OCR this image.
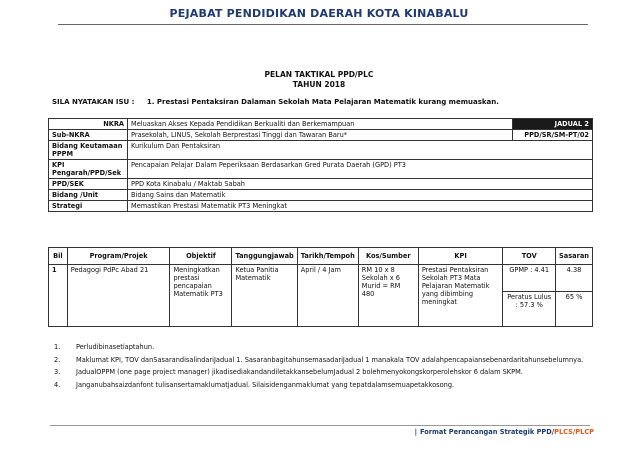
PEJABAT PENDIDIKAN DAERAH KOTA KINABALU
PELAN TAKTIKAL PPD/PLC
TAHUN 2018
SILA NYATAKAN ISU : 1. Prestasi Pentaksiran Dalaman Sekolah Mata Pelajaran Matematik kurang memuaskan.
NKRA	Meluaskan Akses Kepada Pendidikan Berkualiti dan Berkemampuan	JADUAL 2
Sub-NKRA	Prasekolah, LINUS, Sekolah Berprestasi Tinggi dan Tawaran Baru*	PPD/SR/SM-PT/02
Bidang Keutamaan PPPM	Kurikulum Dan Pentaksiran	
KPI Pengarah/PPD/Sek	Pencapaian Pelajar Dalam Peperiksaan Berdasarkan Gred Purata Daerah (GPD) PT3	
PPD/SEK	PPD Kota Kinabalu / Maktab Sabah	
Bidang /Unit	Bidang Sains dan Matematik	
Strategi	Memastikan Prestasi Matematik PT3 Meningkat	
Bil	Program/Projek	Objektif	Tanggungjawab	Tarikh/Tempoh	Kos/Sumber	KPI	TOV	Sasaran
1	Pedagogi PdPc Abad 21	Meningkatkan prestasi pencapaian Matematik PT3	Ketua Panitia Matematik	April / 4 Jam	RM 10 x 8 Sekolah x 6 Murid = RM 480	Prestasi Pentaksiran Sekolah PT3 Mata Pelajaran Matematik yang dibimbing meningkat	GPMP : 4.41	4.38
							Peratus Lulus : 57.3 %	65 %
1.	Perludibinasetiaptahun.
2.	Maklumat KPI, TOV danSasarandisalindariJadual 1. SasaranbagitahunsemasadariJadual 1 manakala TOV adalahpencapaiansebenardaritahunsebelumnya.
3.	JadualOPPM (one page project manager) jikadisediakandandiletakkansebelumJadual 2 bolehmenyokongskorperolehskor 6 dalam SKPM.
4.	Janganubahsaizdanfont tulisansertamaklumatjadual. Silaisidenganmaklumat yang tepatdalamsemuapetakkosong.
| Format Perancangan Strategik PPD/PLCS/PLCP
